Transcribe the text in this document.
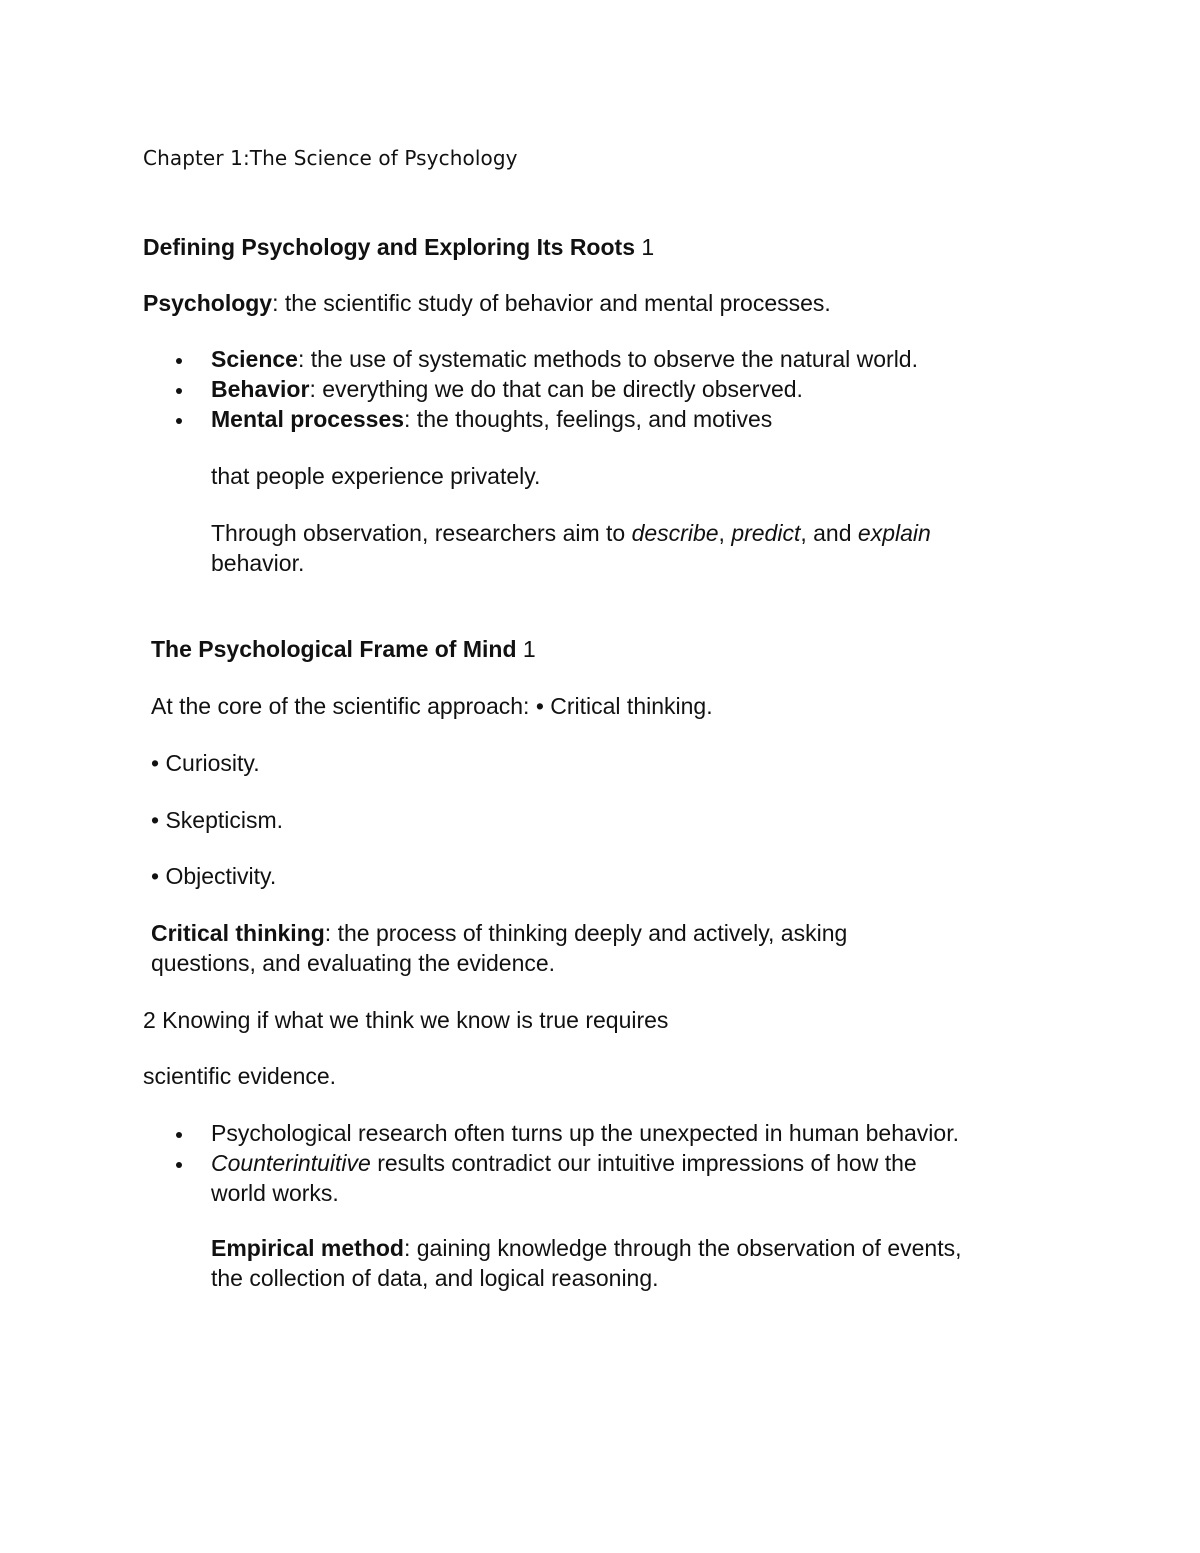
Chapter 1:The Science of Psychology
Defining Psychology and Exploring Its Roots 1
Psychology: the scientific study of behavior and mental processes.
Science: the use of systematic methods to observe the natural world.
Behavior: everything we do that can be directly observed.
Mental processes: the thoughts, feelings, and motives
that people experience privately.
Through observation, researchers aim to describe, predict, and explain
behavior.
The Psychological Frame of Mind 1
At the core of the scientific approach: • Critical thinking.
• Curiosity.
• Skepticism.
• Objectivity.
Critical thinking: the process of thinking deeply and actively, asking
questions, and evaluating the evidence.
2 Knowing if what we think we know is true requires
scientific evidence.
Psychological research often turns up the unexpected in human behavior.
Counterintuitive results contradict our intuitive impressions of how the
world works.
Empirical method: gaining knowledge through the observation of events,
the collection of data, and logical reasoning.
